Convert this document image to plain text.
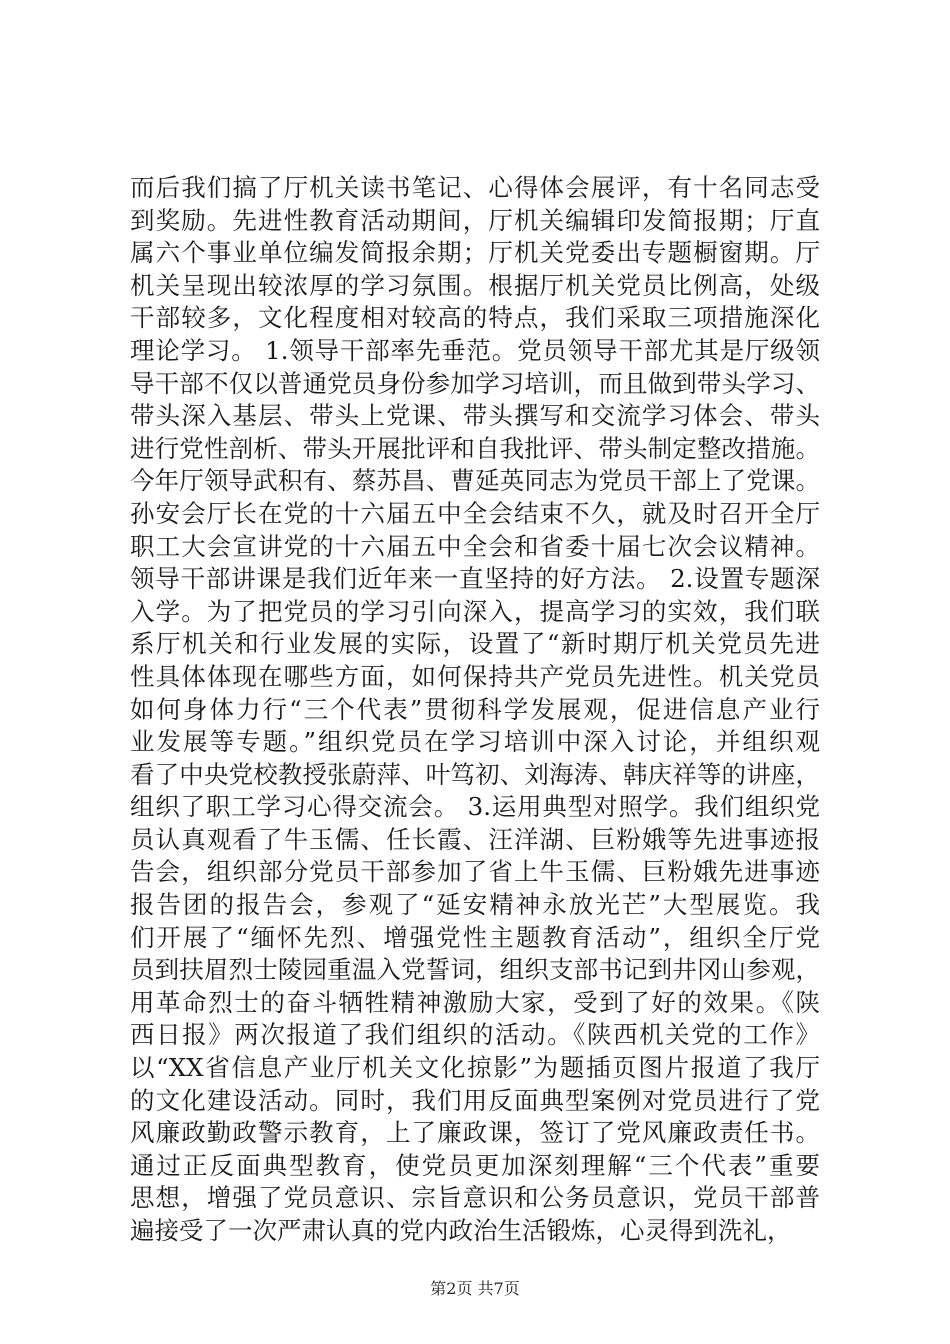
而后我们搞了厅机关读书笔记、心得体会展评，有十名同志受
到奖励。先进性教育活动期间，厅机关编辑印发简报期；厅直
属六个事业单位编发简报余期；厅机关党委出专题橱窗期。厅
机关呈现出较浓厚的学习氛围。根据厅机关党员比例高，处级
干部较多，文化程度相对较高的特点，我们采取三项措施深化
理论学习。 1.领导干部率先垂范。党员领导干部尤其是厅级领
导干部不仅以普通党员身份参加学习培训，而且做到带头学习、
带头深入基层、带头上党课、带头撰写和交流学习体会、带头
进行党性剖析、带头开展批评和自我批评、带头制定整改措施。
今年厅领导武积有、蔡苏昌、曹延英同志为党员干部上了党课。
孙安会厅长在党的十六届五中全会结束不久，就及时召开全厅
职工大会宣讲党的十六届五中全会和省委十届七次会议精神。
领导干部讲课是我们近年来一直坚持的好方法。 2.设置专题深
入学。为了把党员的学习引向深入，提高学习的实效，我们联
系厅机关和行业发展的实际，设置了“新时期厅机关党员先进
性具体体现在哪些方面，如何保持共产党员先进性。机关党员
如何身体力行“三个代表”贯彻科学发展观，促进信息产业行
业发展等专题。”组织党员在学习培训中深入讨论，并组织观
看了中央党校教授张蔚萍、叶笃初、刘海涛、韩庆祥等的讲座，
组织了职工学习心得交流会。 3.运用典型对照学。我们组织党
员认真观看了牛玉儒、任长霞、汪洋湖、巨粉娥等先进事迹报
告会，组织部分党员干部参加了省上牛玉儒、巨粉娥先进事迹
报告团的报告会，参观了“延安精神永放光芒”大型展览。我
们开展了“缅怀先烈、增强党性主题教育活动”，组织全厅党
员到扶眉烈士陵园重温入党誓词，组织支部书记到井冈山参观，
用革命烈士的奋斗牺牲精神激励大家，受到了好的效果。《陕
西日报》两次报道了我们组织的活动。《陕西机关党的工作》
以“XX省信息产业厅机关文化掠影”为题插页图片报道了我厅
的文化建设活动。同时，我们用反面典型案例对党员进行了党
风廉政勤政警示教育，上了廉政课，签订了党风廉政责任书。
通过正反面典型教育，使党员更加深刻理解“三个代表”重要
思想，增强了党员意识、宗旨意识和公务员意识，党员干部普
遍接受了一次严肃认真的党内政治生活锻炼，心灵得到洗礼，
第2页 共7页
